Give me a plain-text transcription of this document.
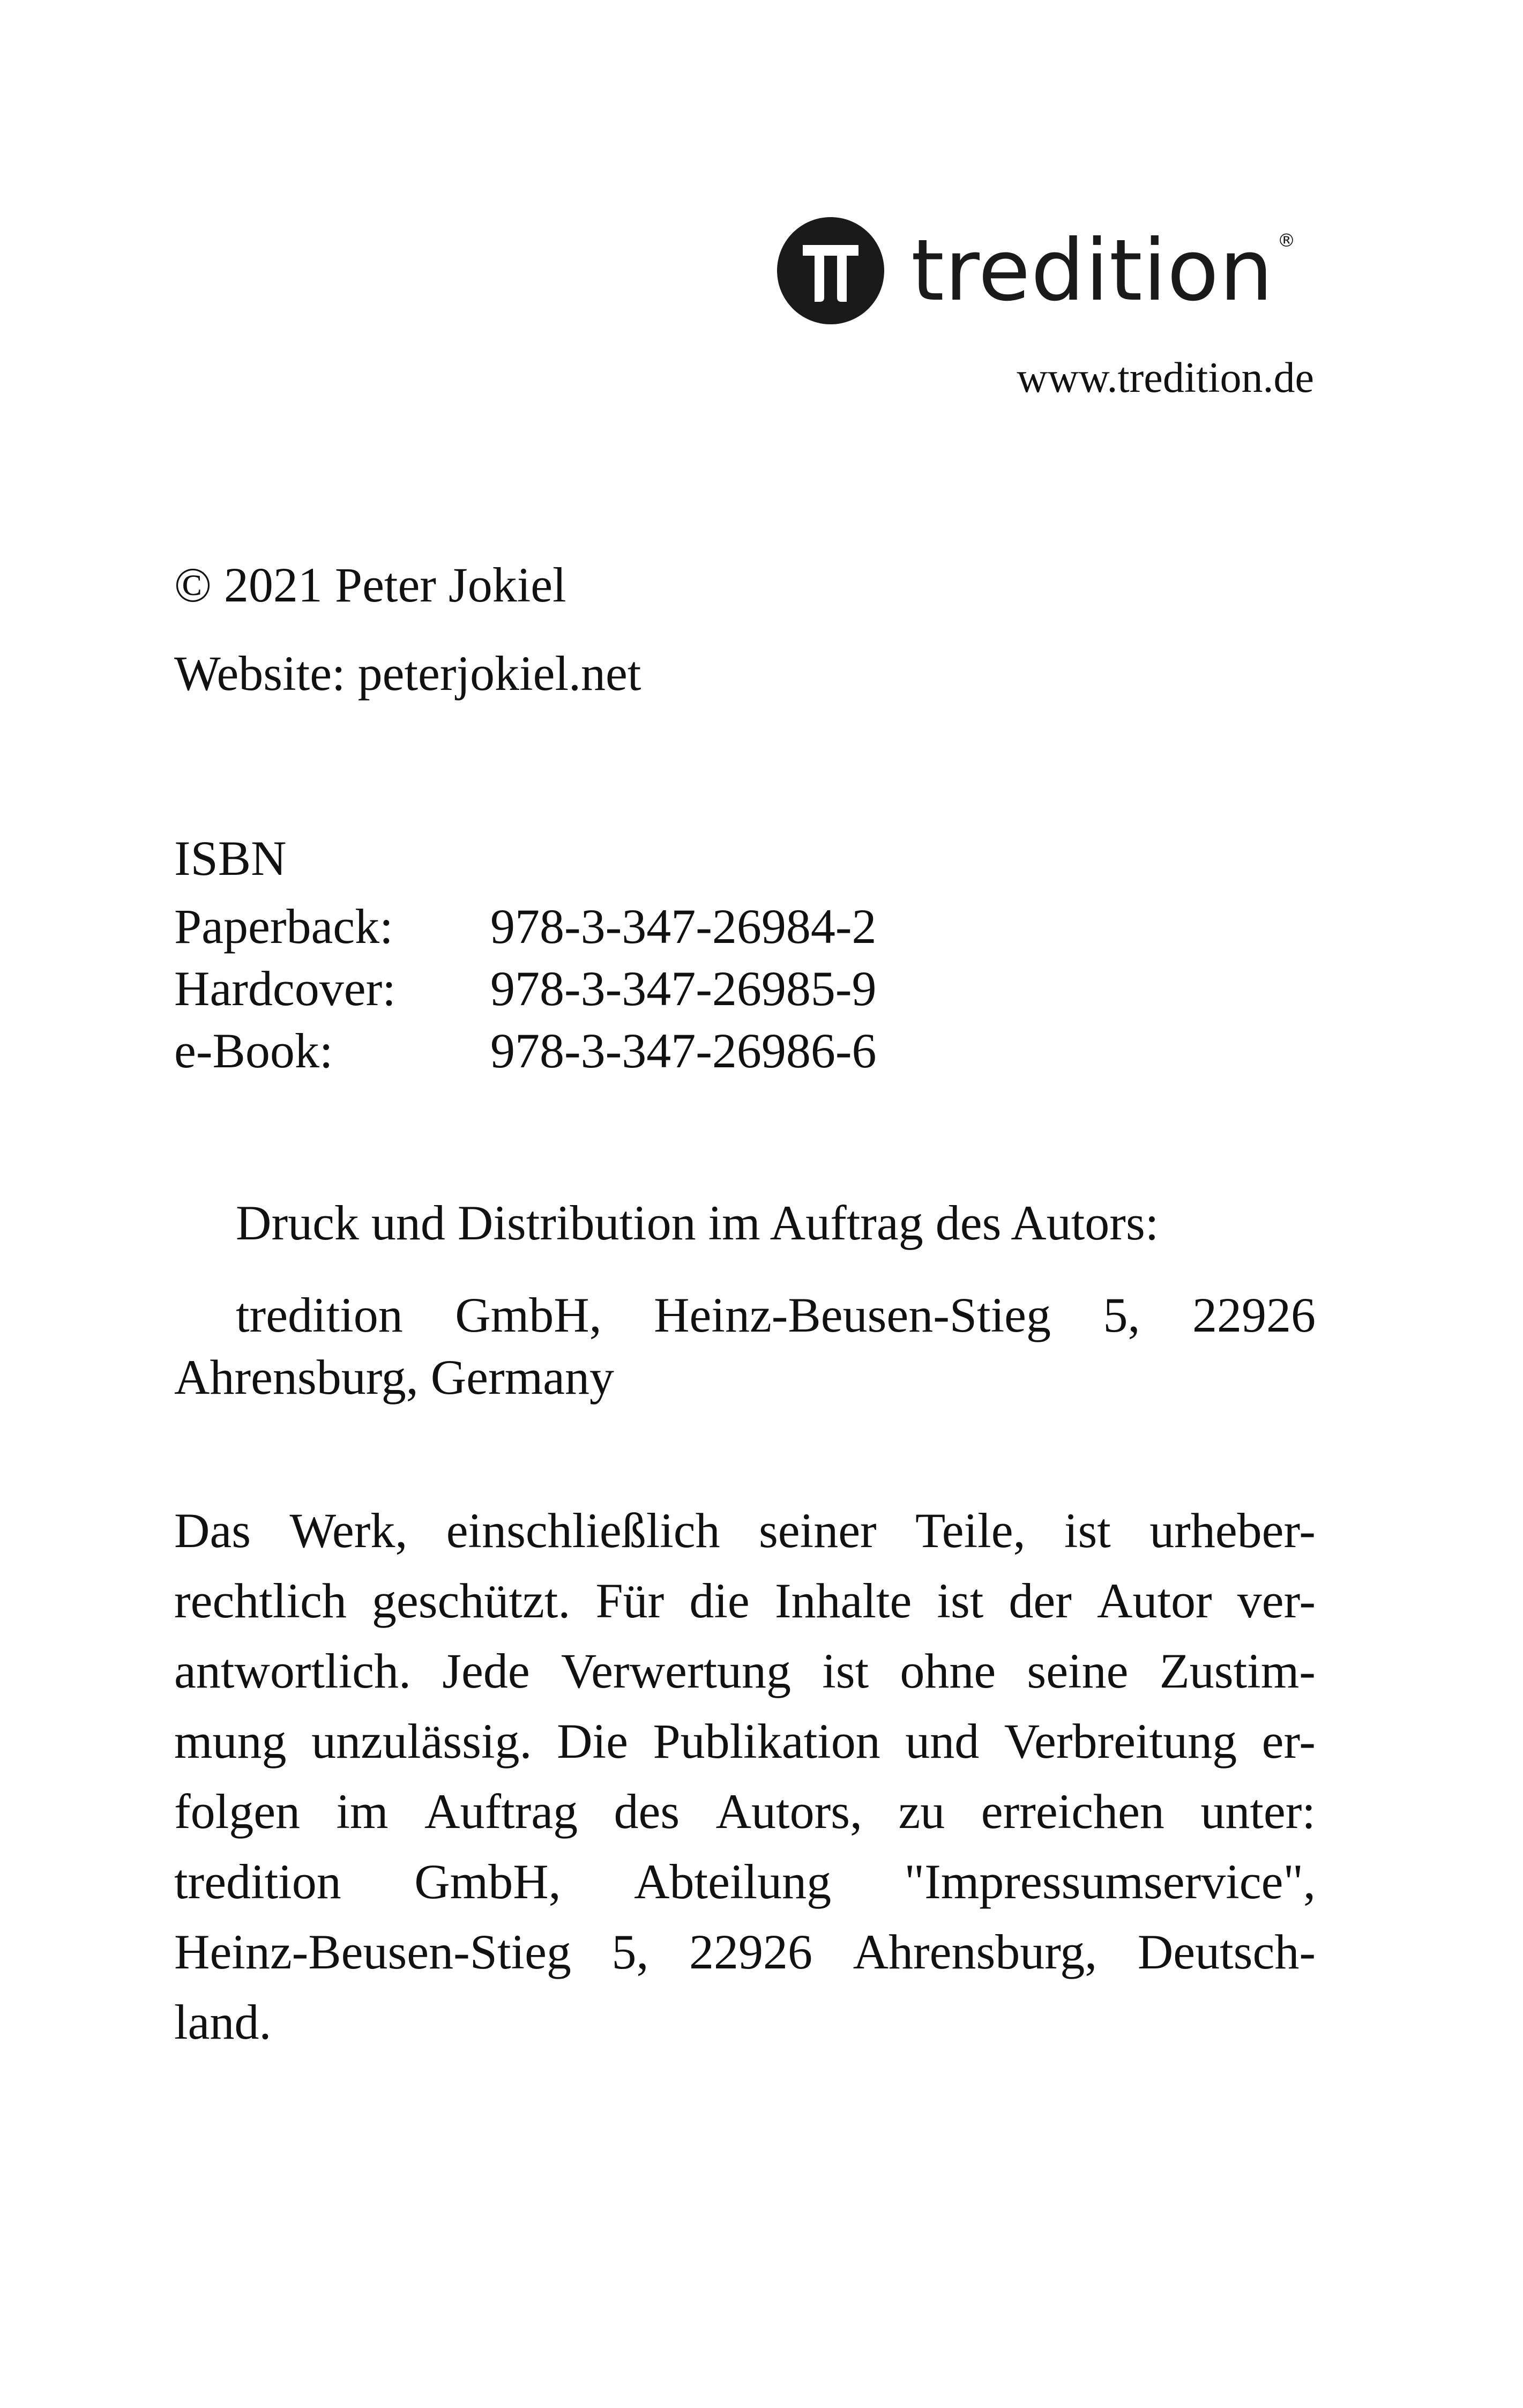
tredition ®
www.tredition.de
© 2021 Peter Jokiel
Website: peterjokiel.net
ISBN
Paperback:	978-3-347-26984-2
Hardcover:	978-3-347-26985-9
e-Book:	978-3-347-26986-6
Druck und Distribution im Auftrag des Autors:
tredition GmbH, Heinz-Beusen-Stieg 5, 22926
Ahrensburg, Germany
Das Werk, einschließlich seiner Teile, ist urheber-
rechtlich geschützt. Für die Inhalte ist der Autor ver-
antwortlich. Jede Verwertung ist ohne seine Zustim-
mung unzulässig. Die Publikation und Verbreitung er-
folgen im Auftrag des Autors, zu erreichen unter:
tredition GmbH, Abteilung "Impressumservice",
Heinz-Beusen-Stieg 5, 22926 Ahrensburg, Deutsch-
land.
